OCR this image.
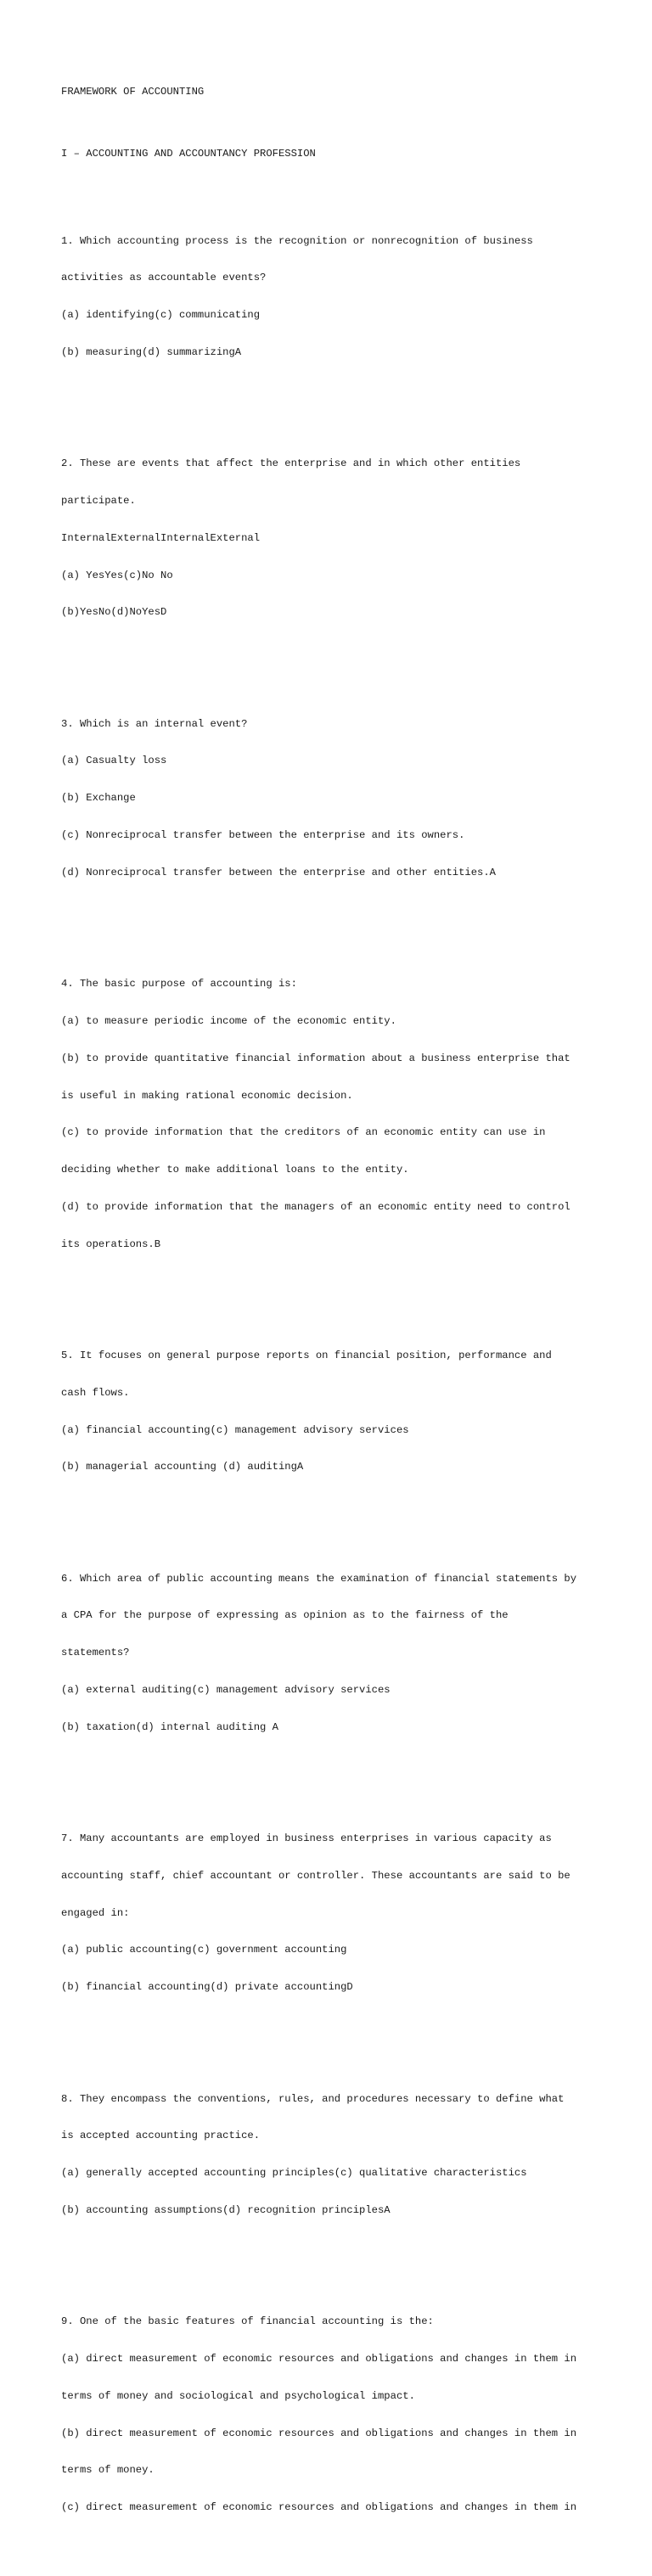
FRAMEWORK OF ACCOUNTING

I – ACCOUNTING AND ACCOUNTANCY PROFESSION

1. Which accounting process is the recognition or nonrecognition of business

activities as accountable events?

(a) identifying(c) communicating

(b) measuring(d) summarizingA

2. These are events that affect the enterprise and in which other entities

participate.

InternalExternalInternalExternal

(a) YesYes(c)No No

(b)YesNo(d)NoYesD

3. Which is an internal event?

(a) Casualty loss

(b) Exchange

(c) Nonreciprocal transfer between the enterprise and its owners.

(d) Nonreciprocal transfer between the enterprise and other entities.A

4. The basic purpose of accounting is:

(a) to measure periodic income of the economic entity.

(b) to provide quantitative financial information about a business enterprise that

is useful in making rational economic decision.

(c) to provide information that the creditors of an economic entity can use in

deciding whether to make additional loans to the entity.

(d) to provide information that the managers of an economic entity need to control

its operations.B

5. It focuses on general purpose reports on financial position, performance and

cash flows.

(a) financial accounting(c) management advisory services

(b) managerial accounting (d) auditingA

6. Which area of public accounting means the examination of financial statements by

a CPA for the purpose of expressing as opinion as to the fairness of the

statements?

(a) external auditing(c) management advisory services

(b) taxation(d) internal auditing A

7. Many accountants are employed in business enterprises in various capacity as

accounting staff, chief accountant or controller. These accountants are said to be

engaged in:

(a) public accounting(c) government accounting

(b) financial accounting(d) private accountingD

8. They encompass the conventions, rules, and procedures necessary to define what

is accepted accounting practice.

(a) generally accepted accounting principles(c) qualitative characteristics

(b) accounting assumptions(d) recognition principlesA

9. One of the basic features of financial accounting is the:

(a) direct measurement of economic resources and obligations and changes in them in

terms of money and sociological and psychological impact.

(b) direct measurement of economic resources and obligations and changes in them in

terms of money.

(c) direct measurement of economic resources and obligations and changes in them in
